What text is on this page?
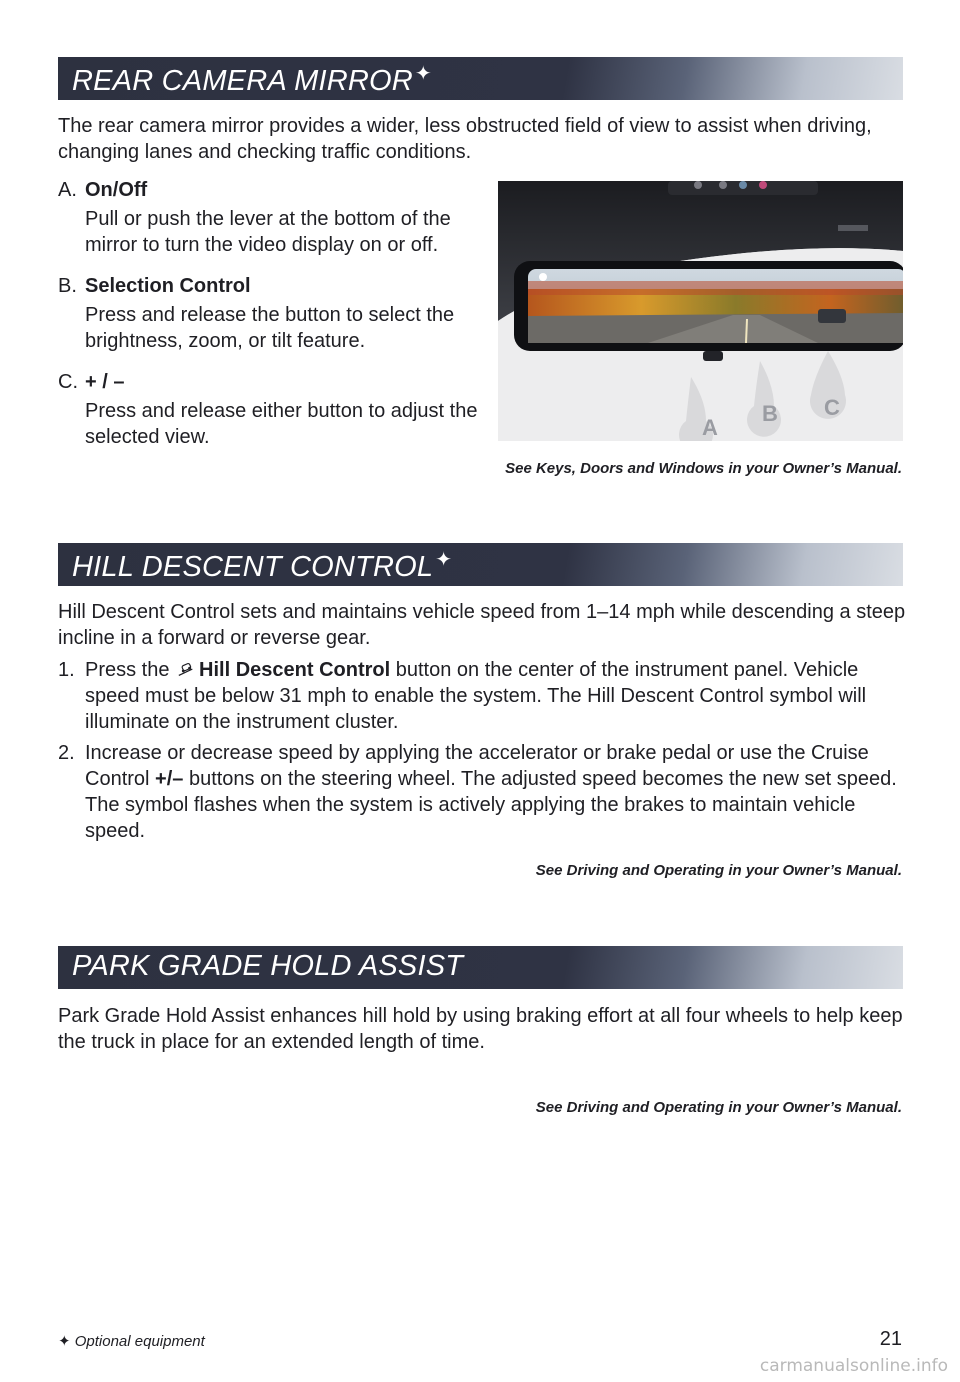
REAR CAMERA MIRROR ✦
The rear camera mirror provides a wider, less obstructed field of view to assist when driving, changing lanes and checking traffic conditions.
A. On/Off
Pull or push the lever at the bottom of the mirror to turn the video display on or off.
B. Selection Control
Press and release the button to select the brightness, zoom, or tilt feature.
C. + / –
Press and release either button to adjust the selected view.	A
B C
See Keys, Doors and Windows in your Owner’s Manual.
HILL DESCENT CONTROL ✦
Hill Descent Control sets and maintains vehicle speed from 1–14 mph while descending a steep incline in a forward or reverse gear.
1. Press the Hill Descent Control button on the center of the instrument panel. Vehicle speed must be below 31 mph to enable the system. The Hill Descent Control symbol will illuminate on the instrument cluster.
2. Increase or decrease speed by applying the accelerator or brake pedal or use the Cruise Control +/– buttons on the steering wheel. The adjusted speed becomes the new set speed. The symbol flashes when the system is actively applying the brakes to maintain vehicle speed.
See Driving and Operating in your Owner’s Manual.
PARK GRADE HOLD ASSIST
Park Grade Hold Assist enhances hill hold by using braking effort at all four wheels to help keep the truck in place for an extended length of time.
See Driving and Operating in your Owner’s Manual.
✦ Optional equipment	21
carmanualsonline.info
